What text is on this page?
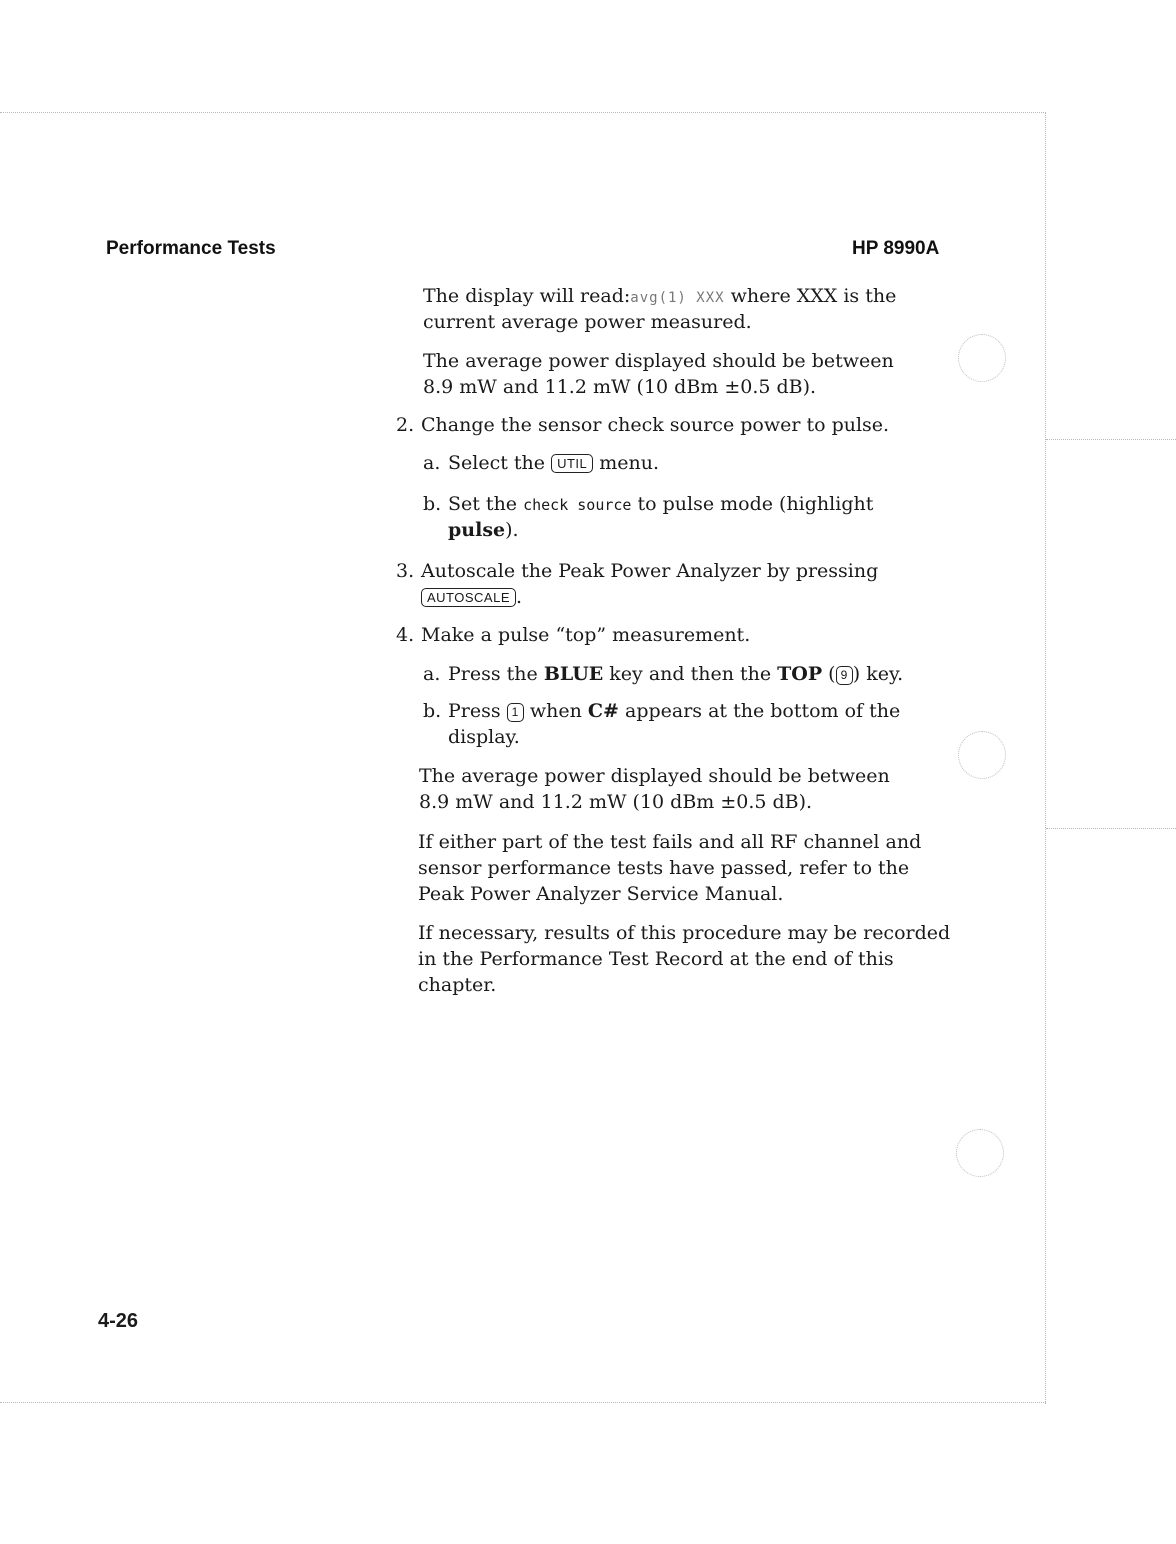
Performance Tests	HP 8990A
The display will read:avg(1) XXX where XXX is the
current average power measured.
The average power displayed should be between
8.9 mW and 11.2 mW (10 dBm ±0.5 dB).
2. Change the sensor check source power to pulse.
a. Select the UTIL menu.
b. Set the check source to pulse mode (highlight
pulse).
3. Autoscale the Peak Power Analyzer by pressing
AUTOSCALE .
4. Make a pulse “top” measurement.
a. Press the BLUE key and then the TOP ( 9 ) key.
b. Press 1 when C# appears at the bottom of the
display.
The average power displayed should be between
8.9 mW and 11.2 mW (10 dBm ±0.5 dB).
If either part of the test fails and all RF channel and
sensor performance tests have passed, refer to the
Peak Power Analyzer Service Manual.
If necessary, results of this procedure may be recorded
in the Performance Test Record at the end of this
chapter.
4-26
